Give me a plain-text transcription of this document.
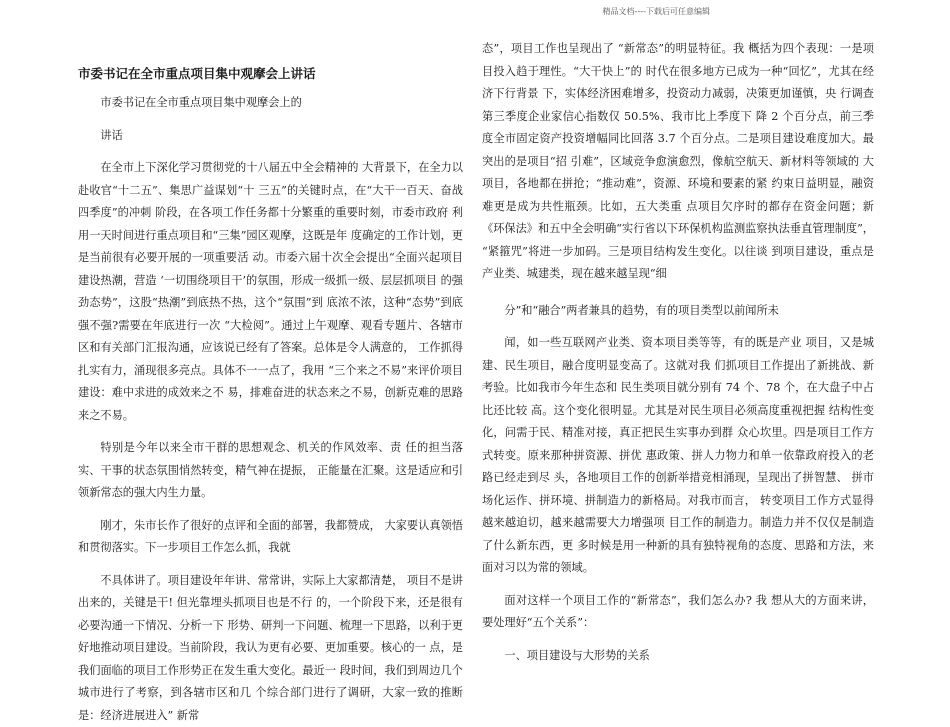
精品文档----下载后可任意编辑
市委书记在全市重点项目集中观摩会上讲话

市委书记在全市重点项目集中观摩会上的

讲话

在全市上下深化学习贯彻党的十八届五中全会精神的 大背景下，在全力以赴收官“十二五”、集思广益谋划“十 三五”的关键时点，在“大干一百天、奋战四季度”的冲刺 阶段，在各项工作任务都十分繁重的重要时刻，市委市政府 利用一天时间进行重点项目和“三集”园区观摩，这既是年 度确定的工作计划，更是当前很有必要开展的一项重要活 动。市委六届十次全会提出“全面兴起项目建设热潮，营造 ‘一切围绕项目干’的氛围，形成一级抓一级、层层抓项目 的强劲态势”，这股“热潮”到底热不热，这个“氛围”到 底浓不浓，这种“态势”到底强不强?需要在年底进行一次 “大检阅”。通过上午观摩、观看专题片、各辖市区和有关部门汇报沟通，应该说已经有了答案。总体是令人满意的， 工作抓得扎实有力，涌现很多亮点。具体不一一点了，我用 “三个来之不易”来评价项目建设：难中求进的成效来之不 易，排难奋进的状态来之不易，创新克难的思路来之不易。

特别是今年以来全市干群的思想观念、机关的作风效率、责 任的担当落实、干事的状态氛围悄然转变，精气神在提振， 正能量在汇聚。这是适应和引领新常态的强大内生力量。

刚才，朱市长作了很好的点评和全面的部署，我都赞成， 大家要认真领悟和贯彻落实。下一步项目工作怎么抓，我就

不具体讲了。项目建设年年讲、常常讲，实际上大家都清楚， 项目不是讲出来的，关键是干! 但光靠埋头抓项目也是不行 的，一个阶段下来，还是很有必要沟通一下情况、分析一下 形势、研判一下问题、梳理一下思路，以利于更好地推动项目建设。当前阶段，我认为更有必要、更加重要。核心的一 点，是我们面临的项目工作形势正在发生重大变化。最近一 段时间，我们到周边几个城市进行了考察，到各辖市区和几 个综合部门进行了调研，大家一致的推断是：经济进展进入” 新常

态”，项目工作也呈现出了 “新常态”的明显特征。我 概括为四个表现：一是项目投入趋于理性。“大干快上”的 时代在很多地方已成为一种“回忆”，尤其在经济下行背景 下，实体经济困难增多，投资动力减弱，决策更加谨慎，央 行调查第三季度企业家信心指数仅 50.5%、我市比上季度下 降 2 个百分点，前三季度全市固定资产投资增幅同比回落 3.7 个百分点。二是项目建设难度加大。最突出的是项目“招 引难”，区域竞争愈演愈烈，像航空航天、新材料等领域的 大项目，各地都在拼抢；“推动难”，资源、环境和要素的紧 约束日益明显，融资难更是成为共性瓶颈。比如，五大类重 点项目欠序时的都存在资金问题；新《环保法》和五中全会明确“实行省以下环保机构监测监察执法垂直管理制度”， “紧箍咒”将进一步加码。三是项目结构发生变化。以往谈 到项目建设，重点是产业类、城建类，现在越来越呈现“细

分”和“融合”两者兼具的趋势，有的项目类型以前闻所未

闻，如一些互联网产业类、资本项目类等等，有的既是产业 项目，又是城建、民生项目，融合度明显变高了。这就对我 们抓项目工作提出了新挑战、新考验。比如我市今年生态和 民生类项目就分别有 74 个、78 个，在大盘子中占比还比较 高。这个变化很明显。尤其是对民生项目必须高度重视把握 结构性变化，问需于民、精准对接，真正把民生实事办到群 众心坎里。四是项目工作方式转变。原来那种拼资源、拼优 惠政策、拼人力物力和单一依靠政府投入的老路已经走到尽 头，各地项目工作的创新举措竞相涌现，呈现出了拼智慧、 拼市场化运作、拼环境、拼制造力的新格局。对我市而言， 转变项目工作方式显得越来越迫切，越来越需要大力增强项 目工作的制造力。制造力并不仅仅是制造了什么新东西，更 多时候是用一种新的具有独特视角的态度、思路和方法，来 面对习以为常的领域。

面对这样一个项目工作的“新常态”，我们怎么办? 我 想从大的方面来讲，要处理好“五个关系”：

一、项目建设与大形势的关系
